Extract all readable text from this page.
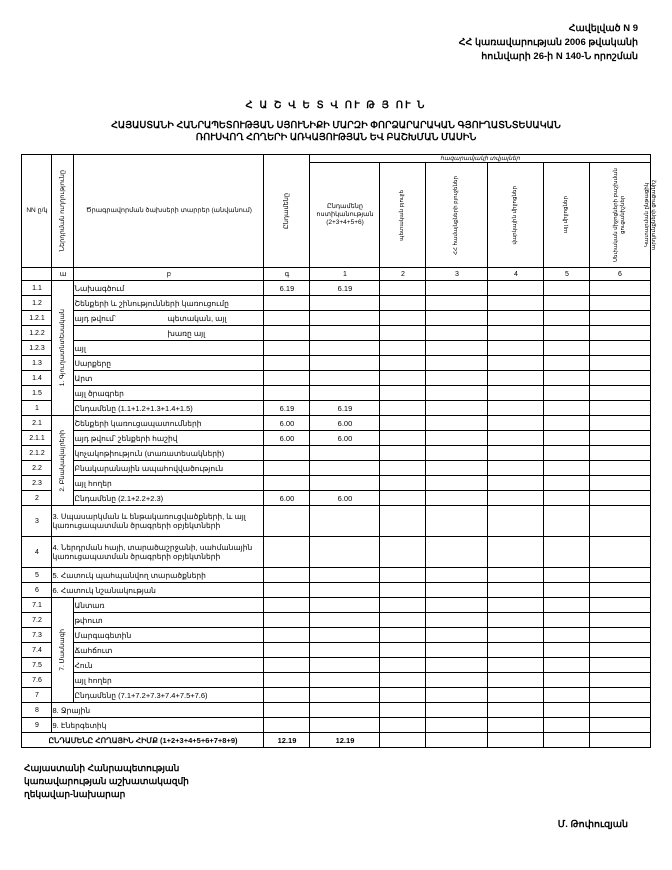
Հավելված N 9
ՀՀ կառավարության 2006 թվականի
հունվարի 26-ի N 140-Ն որոշման
Հ Ա Շ Վ Ե Տ Վ ՈՒ Թ Յ ՈՒ Ն
ՀԱՅԱՍՏԱՆԻ ՀԱՆՐԱՊԵՏՈՒԹՅԱՆ ՍՅՈՒՆԻՔԻ ՄԱՐԶԻ ՓՈՐՁԱՐԱՐԱԿԱՆ ԳՅՈՒՂԱՏՆՏԵՍԱԿԱՆ
ՌՈՒՍՎՈՂ ՀՈՂԵՐԻ ԱՌԿԱՅՈՒԹՅԱՆ ԵՎ ԲԱՇԽՄԱՆ ՄԱՍԻՆ
NN ը/կ	Ներդրման ուղղությունը	Ծրագրավորման ծախսերի տարրեր (անվանում)	Ընդամենը	հազարամյակի տվյալներ						
				Ընդամենը ոստիկանության (2+3+4+5+6)	պետական բյուջե	ՀՀ համայնքների բյուջեներ	վարկային միջոցներ	այլ միջոցներ	Սեփական միջոցների բաշխման ցուցանիշներ	Կատարման ընթացիկ արդյունքների ցուցանիշ

	ա	բ	գ	1	2	3	4	5	6	
1.1	1. Գյուղատնտեսական	Նախագծում	6.19	6.19						
1.2		Շենքերի և շինությունների կառուցումը								
1.2.1		այդ թվում՝ պետական, այլ								

1.2.2		խառը այլ								

1.2.3		այլ								
1.3		Սարքերը								
1.4		Արտ								
1.5		այլ ծրագրեր								
1		Ընդամենը (1.1+1.2+1.3+1.4+1.5)	6.19	6.19						
2.1	2. Բնակավայրերի	Շենքերի կառուցապատումների	6.00	6.00						
2.1.1		այդ թվում՝ շենքերի հաշիվ	6.00	6.00						
2.1.2		կոչակոթիություն (տառատեսակների)								
2.2		Բնակարանային ապահովվածություն								
2.3		այլ հողեր								
2		Ընդամենը (2.1+2.2+2.3)	6.00	6.00						
3	3. Սպասարկման և ենթակառուցվածքների, և այլ կառուցապատման ծրագրերի օբյեկտների									
4	4. Ներդրման հայի, տարածաշրջանի, սահմանային կառուցապատման ծրագրերի օբյեկտների									
5	5. Հատուկ պահպանվող տարածքների									
6	6. Հատուկ նշանակության									
7.1	7. Մասնագի	Անտառ								
7.2		թփուտ								
7.3		Մարգագետին								
7.4		Ճահճուտ								
7.5		Հուն								
7.6		այլ հողեր								
7		Ընդամենը (7.1+7.2+7.3+7.4+7.5+7.6)								
8	8. Ջրային									
9	9. Էներգետիկ									
ԸՆԴԱՄԵՆԸ ՀՈՂԱՅԻՆ ՀԻՄՔ (1+2+3+4+5+6+7+8+9)			12.19	12.19						
Հայաստանի Հանրապետության
կառավարության աշխատակազմի
ղեկավար-նախարար
Մ. Թոփուզյան
